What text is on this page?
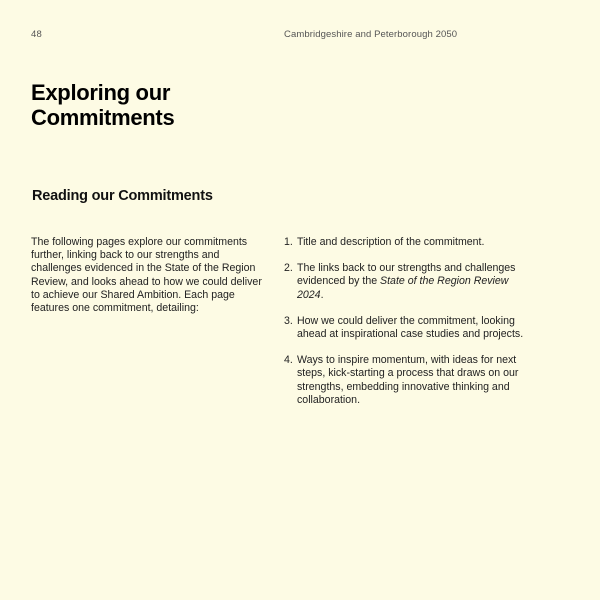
48	Cambridgeshire and Peterborough 2050
Exploring our Commitments
Reading our Commitments

The following pages explore our commitments further, linking back to our strengths and challenges evidenced in the State of the Region Review, and looks ahead to how we could deliver to achieve our Shared Ambition. Each page features one commitment, detailing:

1. Title and description of the commitment.
2. The links back to our strengths and challenges evidenced by the State of the Region Review 2024.
3. How we could deliver the commitment, looking ahead at inspirational case studies and projects.
4. Ways to inspire momentum, with ideas for next steps, kick-starting a process that draws on our strengths, embedding innovative thinking and collaboration.
